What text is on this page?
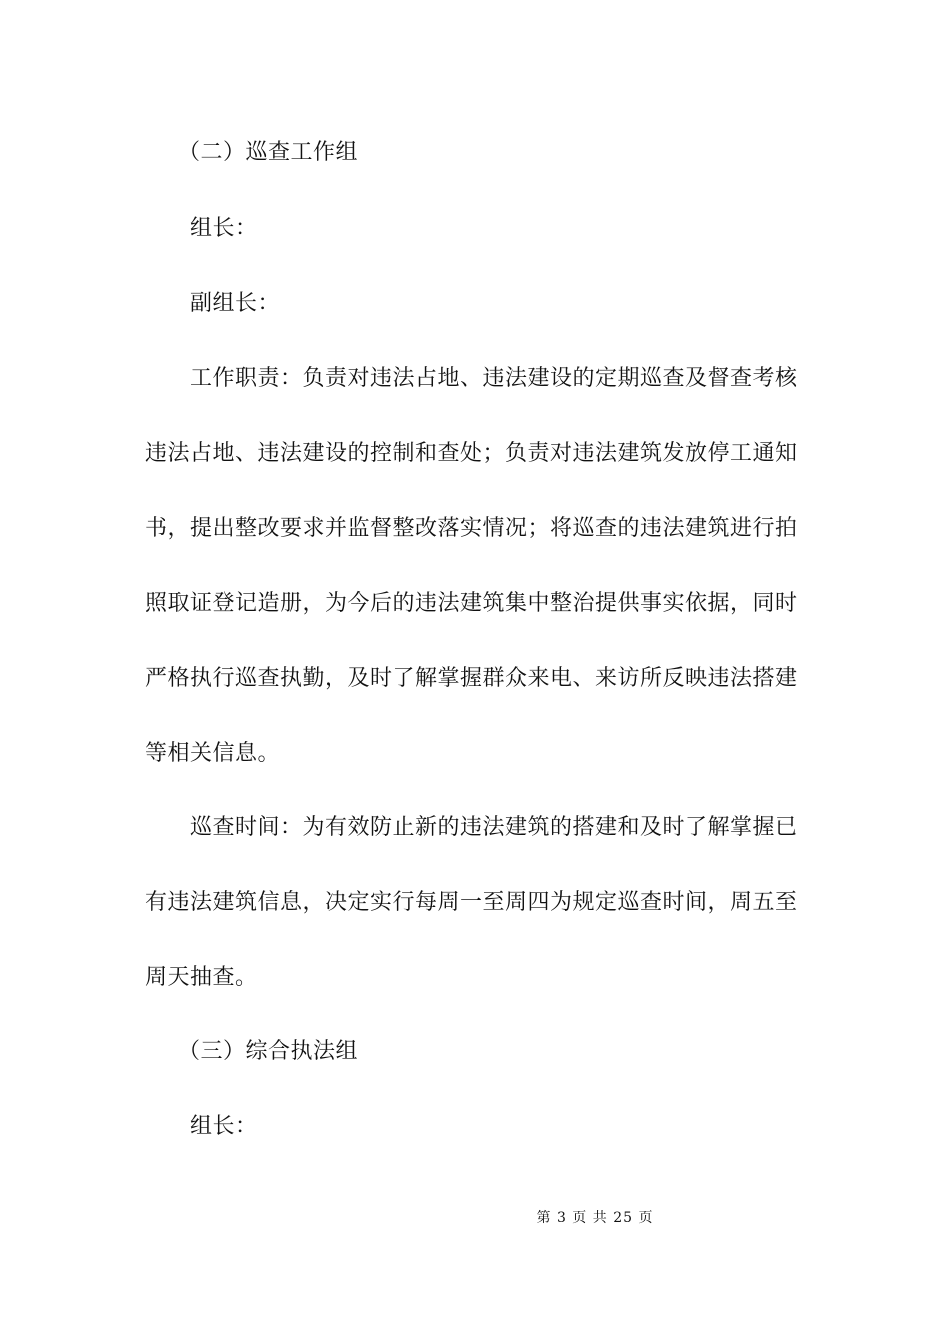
（二）巡查工作组
组长：
副组长：
工作职责：负责对违法占地、违法建设的定期巡查及督查考核
违法占地、违法建设的控制和查处；负责对违法建筑发放停工通知
书，提出整改要求并监督整改落实情况；将巡查的违法建筑进行拍
照取证登记造册，为今后的违法建筑集中整治提供事实依据，同时
严格执行巡查执勤，及时了解掌握群众来电、来访所反映违法搭建
等相关信息。
巡查时间：为有效防止新的违法建筑的搭建和及时了解掌握已
有违法建筑信息，决定实行每周一至周四为规定巡查时间，周五至
周天抽查。
（三）综合执法组
组长：
第 3 页 共 25 页
